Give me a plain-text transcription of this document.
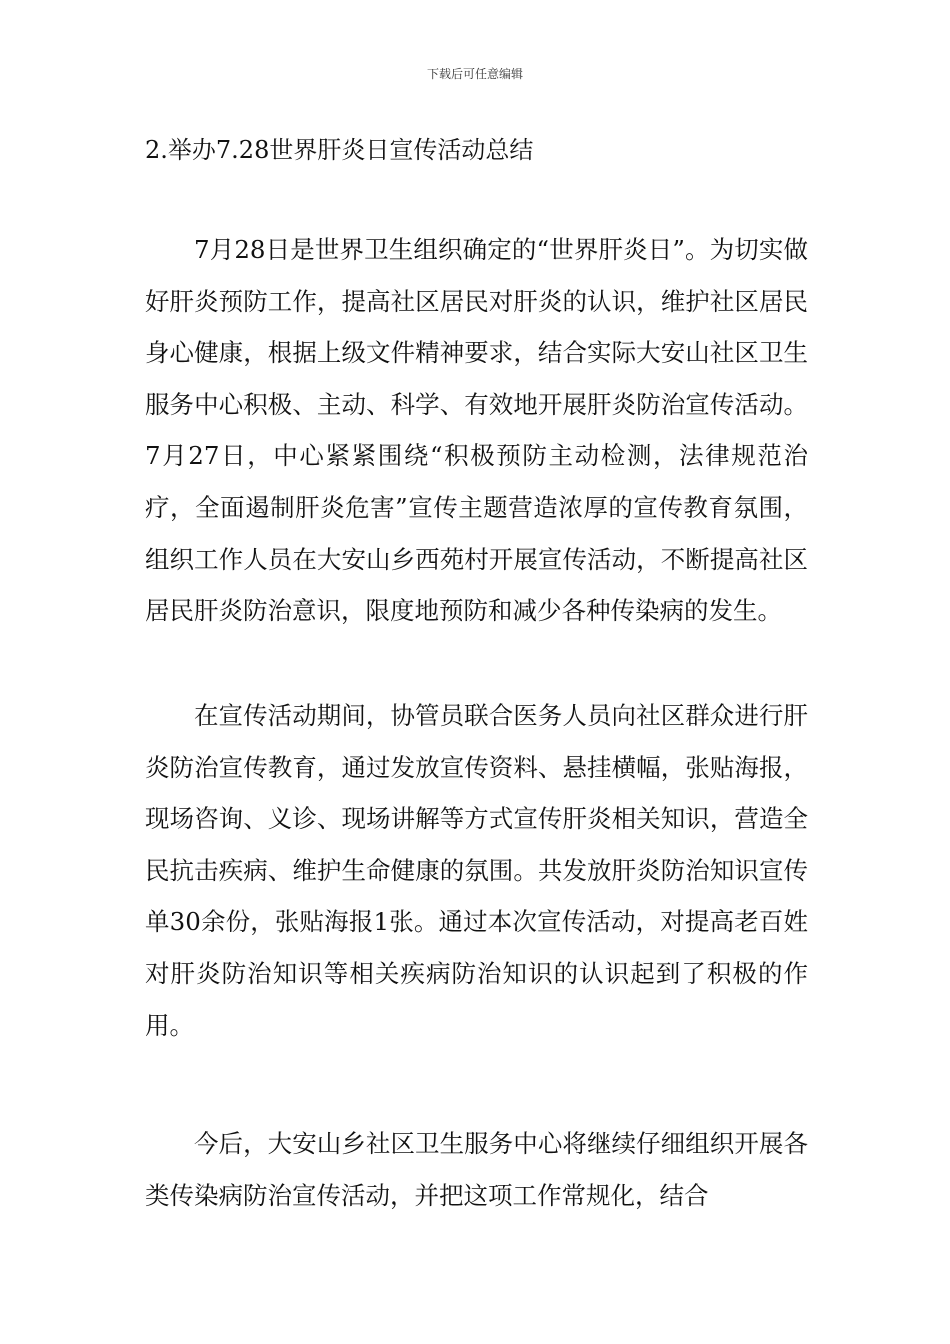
下载后可任意编辑
2.举办7.28世界肝炎日宣传活动总结

7月28日是世界卫生组织确定的“世界肝炎日”。为切实做好肝炎预防工作，提高社区居民对肝炎的认识，维护社区居民身心健康，根据上级文件精神要求，结合实际大安山社区卫生服务中心积极、主动、科学、有效地开展肝炎防治宣传活动。7月27日，中心紧紧围绕“积极预防主动检测，法律规范治疗，全面遏制肝炎危害”宣传主题营造浓厚的宣传教育氛围，组织工作人员在大安山乡西苑村开展宣传活动，不断提高社区居民肝炎防治意识，限度地预防和减少各种传染病的发生。

在宣传活动期间，协管员联合医务人员向社区群众进行肝炎防治宣传教育，通过发放宣传资料、悬挂横幅，张贴海报，现场咨询、义诊、现场讲解等方式宣传肝炎相关知识，营造全民抗击疾病、维护生命健康的氛围。共发放肝炎防治知识宣传单30余份，张贴海报1张。通过本次宣传活动，对提高老百姓对肝炎防治知识等相关疾病防治知识的认识起到了积极的作用。

今后，大安山乡社区卫生服务中心将继续仔细组织开展各类传染病防治宣传活动，并把这项工作常规化，结合
